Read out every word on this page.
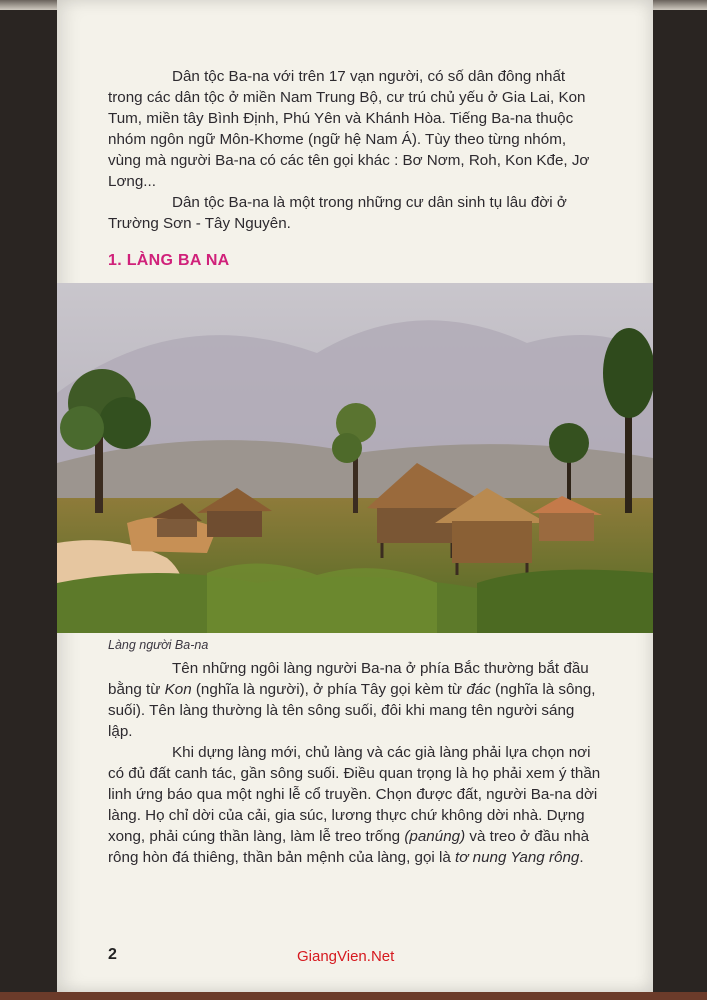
Dân tộc Ba-na với trên 17 vạn người, có số dân đông nhất trong các dân tộc ở miền Nam Trung Bộ, cư trú chủ yếu ở Gia Lai, Kon Tum, miền tây Bình Định, Phú Yên và Khánh Hòa. Tiếng Ba-na thuộc nhóm ngôn ngữ Môn-Khơme (ngữ hệ Nam Á). Tùy theo từng nhóm, vùng mà người Ba-na có các tên gọi khác : Bơ Nơm, Roh, Kon Kđe, Jơ Lơng...

Dân tộc Ba-na là một trong những cư dân sinh tụ lâu đời ở Trường Sơn - Tây Nguyên.

1. LÀNG BA NA

Làng người Ba-na

Tên những ngôi làng người Ba-na ở phía Bắc thường bắt đầu bằng từ Kon (nghĩa là người), ở phía Tây gọi kèm từ đác (nghĩa là sông, suối). Tên làng thường là tên sông suối, đôi khi mang tên người sáng lập.

Khi dựng làng mới, chủ làng và các già làng phải lựa chọn nơi có đủ đất canh tác, gần sông suối. Điều quan trọng là họ phải xem ý thần linh ứng báo qua một nghi lễ cổ truyền. Chọn được đất, người Ba-na dời làng. Họ chỉ dời của cải, gia súc, lương thực chứ không dời nhà. Dựng xong, phải cúng thần làng, làm lễ treo trống (panúng) và treo ở đầu nhà rông hòn đá thiêng, thần bản mệnh của làng, gọi là tơ nung Yang rông.

2	GiangVien.Net
